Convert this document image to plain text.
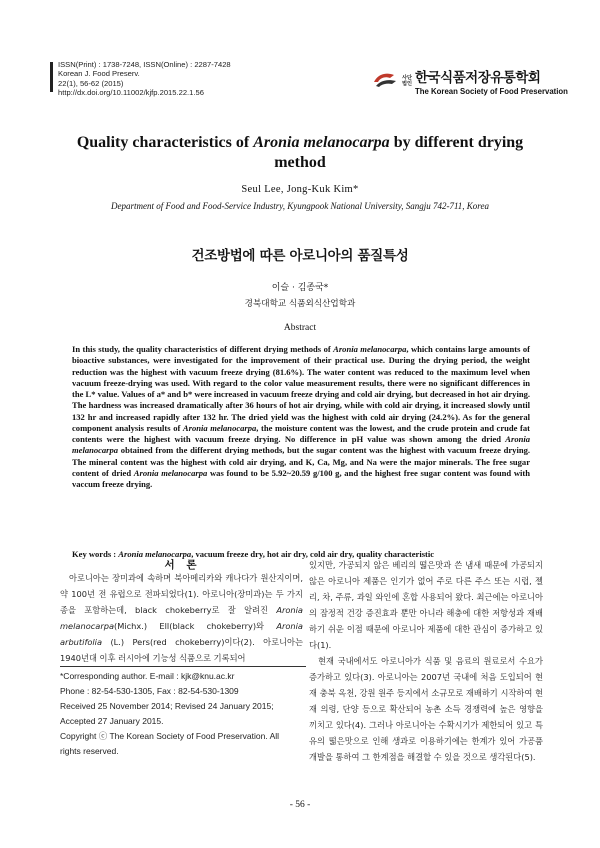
ISSN(Print) : 1738-7248, ISSN(Online) : 2287-7428
Korean J. Food Preserv.
22(1), 56-62 (2015)
http://dx.doi.org/10.11002/kjfp.2015.22.1.56
사단법인 한국식품저장유통학회
The Korean Society of Food Preservation
Quality characteristics of Aronia melanocarpa by different drying
method
Seul Lee, Jong-Kuk Kim*
Department of Food and Food-Service Industry, Kyungpook National University, Sangju 742-711, Korea
건조방법에 따른 아로니아의 품질특성
이슬 · 김종국*
경북대학교 식품외식산업학과
Abstract
In this study, the quality characteristics of different drying methods of Aronia melanocarpa, which contains large amounts of bioactive substances, were investigated for the improvement of their practical use. During the drying period, the weight reduction was the highest with vacuum freeze drying (81.6%). The water content was reduced to the maximum level when vacuum freeze-drying was used. With regard to the color value measurement results, there were no significant differences in the L* value. Values of a* and b* were increased in vacuum freeze drying and cold air drying, but decreased in hot air drying. The hardness was increased dramatically after 36 hours of hot air drying, while with cold air drying, it increased slowly until 132 hr and increased rapidly after 132 hr. The dried yield was the highest with cold air drying (24.2%). As for the general component analysis results of Aronia melanocarpa, the moisture content was the lowest, and the crude protein and crude fat contents were the highest with vacuum freeze drying. No difference in pH value was shown among the dried Aronia melanocarpa obtained from the different drying methods, but the sugar content was the highest with vacuum freeze drying. The mineral content was the highest with cold air drying, and K, Ca, Mg, and Na were the major minerals. The free sugar content of dried Aronia melanocarpa was found to be 5.92~20.59 g/100 g, and the highest free sugar content was found with vaccum freeze drying.
Key words : Aronia melanocarpa, vacuum freeze dry, hot air dry, cold air dry, quality characteristic
서 론

아로니아는 장미과에 속하며 북아메리카와 캐나다가 원산지이며, 약 100년 전 유럽으로 전파되었다(1). 아로니아(장미과)는 두 가지 종을 포함하는데, black chokeberry로 잘 알려진 Aronia melanocarpa(Michx.) Ell(black chokeberry)와 Aronia arbutifolia (L.) Pers(red chokeberry)이다(2). 아로니아는 1940년대 이후 러시아에 기능성 식품으로 기록되어

있지만, 가공되지 않은 베리의 떫은맛과 쓴 냄새 때문에 가공되지 않은 아로니아 제품은 인기가 없어 주로 다른 주스 또는 시럽, 젤리, 차, 주류, 과일 와인에 혼합 사용되어 왔다. 최근에는 아로니아의 잠정적 건강 증진효과 뿐만 아니라 해충에 대한 저항성과 재배하기 쉬운 이점 때문에 아로니아 제품에 대한 관심이 증가하고 있다(1).

현재 국내에서도 아로니아가 식품 및 음료의 원료로서 수요가 증가하고 있다(3). 아로니아는 2007년 국내에 처음 도입되어 현재 충북 옥천, 강원 원주 등지에서 소규모로 재배하기 시작하여 현재 의령, 단양 등으로 확산되어 농촌 소득 경쟁력에 높은 영향을 끼치고 있다(4). 그러나 아로니아는 수확시기가 제한되어 있고 특유의 떫은맛으로 인해 생과로 이용하기에는 한계가 있어 가공품 개발을 통하여 그 한계점을 해결할 수 있을 것으로 생각된다(5).

*Corresponding author. E-mail : kjk@knu.ac.kr
Phone : 82-54-530-1305, Fax : 82-54-530-1309
Received 25 November 2014; Revised 24 January 2015;
Accepted 27 January 2015.
Copyright ⓒ The Korean Society of Food Preservation. All
rights reserved.
- 56 -
